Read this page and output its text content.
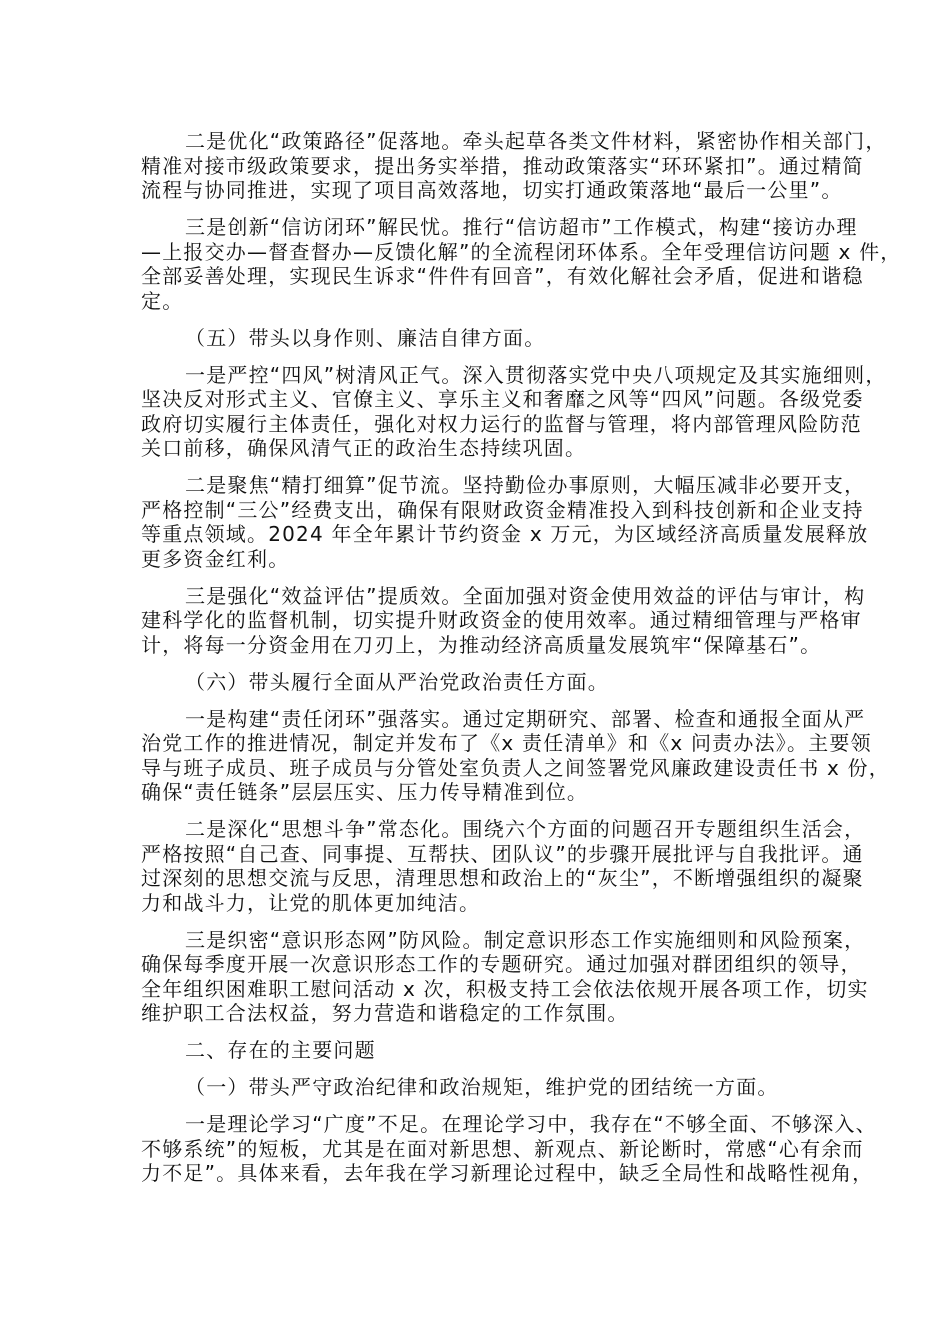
二是优化“政策路径”促落地。牵头起草各类文件材料，紧密协作相关部门，
精准对接市级政策要求，提出务实举措，推动政策落实“环环紧扣”。通过精简
流程与协同推进，实现了项目高效落地，切实打通政策落地“最后一公里”。
三是创新“信访闭环”解民忧。推行“信访超市”工作模式，构建“接访办理
—上报交办—督查督办—反馈化解”的全流程闭环体系。全年受理信访问题 x 件，
全部妥善处理，实现民生诉求“件件有回音”，有效化解社会矛盾，促进和谐稳
定。
（五）带头以身作则、廉洁自律方面。
一是严控“四风”树清风正气。深入贯彻落实党中央八项规定及其实施细则，
坚决反对形式主义、官僚主义、享乐主义和奢靡之风等“四风”问题。各级党委
政府切实履行主体责任，强化对权力运行的监督与管理，将内部管理风险防范
关口前移，确保风清气正的政治生态持续巩固。
二是聚焦“精打细算”促节流。坚持勤俭办事原则，大幅压减非必要开支，
严格控制“三公”经费支出，确保有限财政资金精准投入到科技创新和企业支持
等重点领域。2024 年全年累计节约资金 x 万元，为区域经济高质量发展释放
更多资金红利。
三是强化“效益评估”提质效。全面加强对资金使用效益的评估与审计，构
建科学化的监督机制，切实提升财政资金的使用效率。通过精细管理与严格审
计，将每一分资金用在刀刃上，为推动经济高质量发展筑牢“保障基石”。
（六）带头履行全面从严治党政治责任方面。
一是构建“责任闭环”强落实。通过定期研究、部署、检查和通报全面从严
治党工作的推进情况，制定并发布了《x 责任清单》和《x 问责办法》。主要领
导与班子成员、班子成员与分管处室负责人之间签署党风廉政建设责任书 x 份，
确保“责任链条”层层压实、压力传导精准到位。
二是深化“思想斗争”常态化。围绕六个方面的问题召开专题组织生活会，
严格按照“自己查、同事提、互帮扶、团队议”的步骤开展批评与自我批评。通
过深刻的思想交流与反思，清理思想和政治上的“灰尘”，不断增强组织的凝聚
力和战斗力，让党的肌体更加纯洁。
三是织密“意识形态网”防风险。制定意识形态工作实施细则和风险预案，
确保每季度开展一次意识形态工作的专题研究。通过加强对群团组织的领导，
全年组织困难职工慰问活动 x 次，积极支持工会依法依规开展各项工作，切实
维护职工合法权益，努力营造和谐稳定的工作氛围。
二、存在的主要问题
（一）带头严守政治纪律和政治规矩，维护党的团结统一方面。
一是理论学习“广度”不足。在理论学习中，我存在“不够全面、不够深入、
不够系统”的短板，尤其是在面对新思想、新观点、新论断时，常感“心有余而
力不足”。具体来看，去年我在学习新理论过程中，缺乏全局性和战略性视角，
